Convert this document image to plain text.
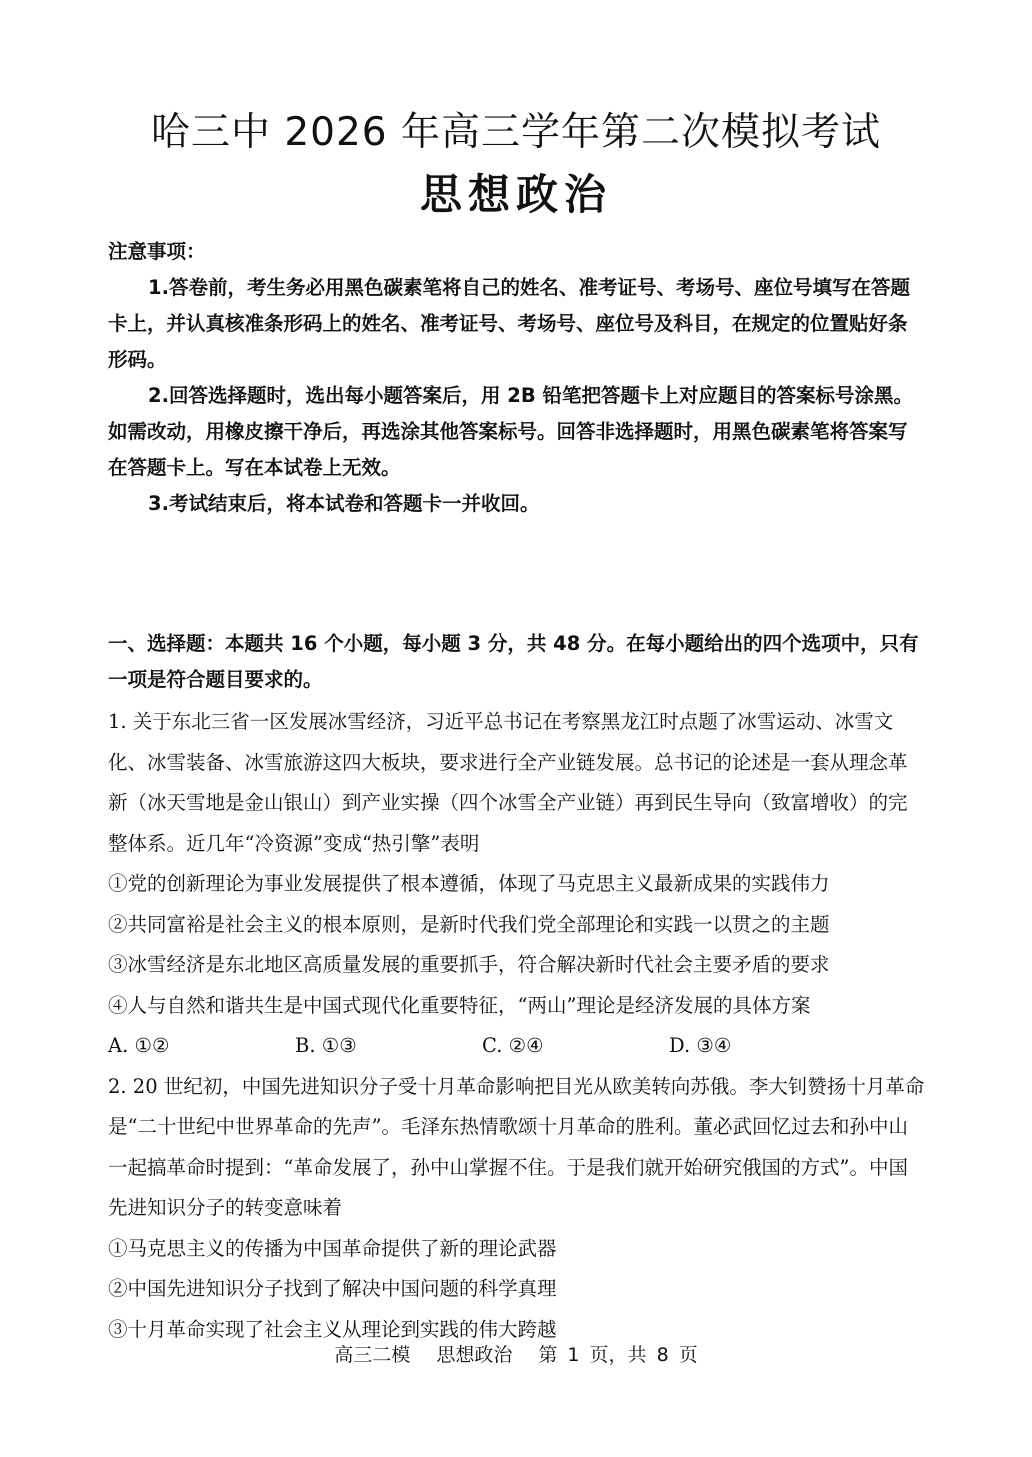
哈三中 2026 年高三学年第二次模拟考试
思想政治

注意事项：

1.答卷前，考生务必用黑色碳素笔将自己的姓名、准考证号、考场号、座位号填写在答题卡上，并认真核准条形码上的姓名、准考证号、考场号、座位号及科目，在规定的位置贴好条形码。

2.回答选择题时，选出每小题答案后，用 2B 铅笔把答题卡上对应题目的答案标号涂黑。如需改动，用橡皮擦干净后，再选涂其他答案标号。回答非选择题时，用黑色碳素笔将答案写在答题卡上。写在本试卷上无效。

3.考试结束后，将本试卷和答题卡一并收回。

一、选择题：本题共 16 个小题，每小题 3 分，共 48 分。在每小题给出的四个选项中，只有一项是符合题目要求的。

1. 关于东北三省一区发展冰雪经济，习近平总书记在考察黑龙江时点题了冰雪运动、冰雪文化、冰雪装备、冰雪旅游这四大板块，要求进行全产业链发展。总书记的论述是一套从理念革新（冰天雪地是金山银山）到产业实操（四个冰雪全产业链）再到民生导向（致富增收）的完整体系。近几年“冷资源”变成“热引擎”表明

①党的创新理论为事业发展提供了根本遵循，体现了马克思主义最新成果的实践伟力

②共同富裕是社会主义的根本原则，是新时代我们党全部理论和实践一以贯之的主题

③冰雪经济是东北地区高质量发展的重要抓手，符合解决新时代社会主要矛盾的要求

④人与自然和谐共生是中国式现代化重要特征，“两山”理论是经济发展的具体方案

A. ①②	B. ①③	C. ②④	D. ③④

2. 20 世纪初，中国先进知识分子受十月革命影响把目光从欧美转向苏俄。李大钊赞扬十月革命是“二十世纪中世界革命的先声”。毛泽东热情歌颂十月革命的胜利。董必武回忆过去和孙中山一起搞革命时提到：“革命发展了，孙中山掌握不住。于是我们就开始研究俄国的方式”。中国先进知识分子的转变意味着

①马克思主义的传播为中国革命提供了新的理论武器

②中国先进知识分子找到了解决中国问题的科学真理

③十月革命实现了社会主义从理论到实践的伟大跨越

高三二模 思想政治 第 1 页，共 8 页
